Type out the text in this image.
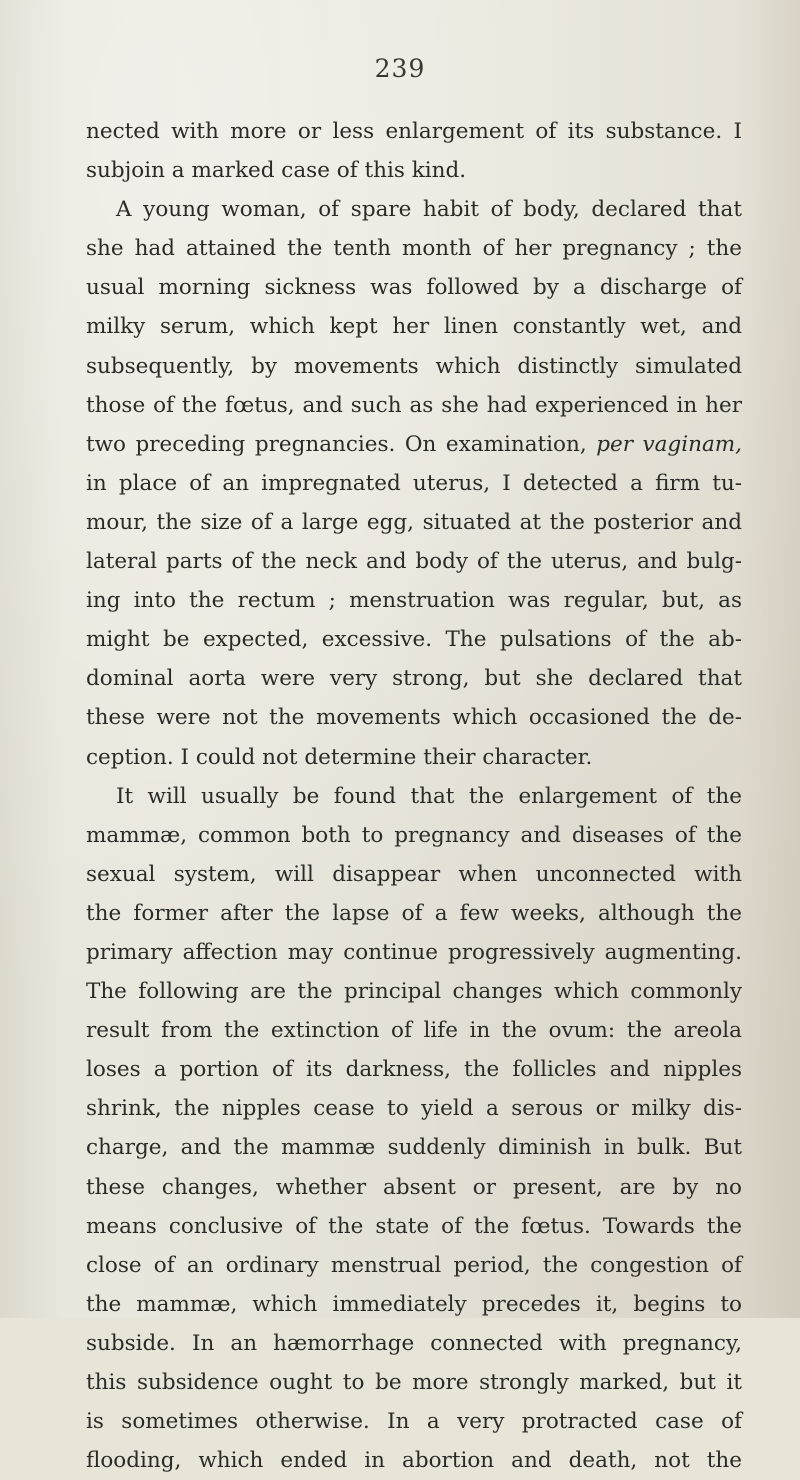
239
nected with more or less enlargement of its substance. I
subjoin a marked case of this kind.
A young woman, of spare habit of body, declared that
she had attained the tenth month of her pregnancy ; the
usual morning sickness was followed by a discharge of
milky serum, which kept her linen constantly wet, and
subsequently, by movements which distinctly simulated
those of the fœtus, and such as she had experienced in her
two preceding pregnancies. On examination, per vaginam,
in place of an impregnated uterus, I detected a firm tu-
mour, the size of a large egg, situated at the posterior and
lateral parts of the neck and body of the uterus, and bulg-
ing into the rectum ; menstruation was regular, but, as
might be expected, excessive. The pulsations of the ab-
dominal aorta were very strong, but she declared that
these were not the movements which occasioned the de-
ception. I could not determine their character.
It will usually be found that the enlargement of the
mammæ, common both to pregnancy and diseases of the
sexual system, will disappear when unconnected with
the former after the lapse of a few weeks, although the
primary affection may continue progressively augmenting.
The following are the principal changes which commonly
result from the extinction of life in the ovum: the areola
loses a portion of its darkness, the follicles and nipples
shrink, the nipples cease to yield a serous or milky dis-
charge, and the mammæ suddenly diminish in bulk. But
these changes, whether absent or present, are by no
means conclusive of the state of the fœtus. Towards the
close of an ordinary menstrual period, the congestion of
the mammæ, which immediately precedes it, begins to
subside. In an hæmorrhage connected with pregnancy,
this subsidence ought to be more strongly marked, but it
is sometimes otherwise. In a very protracted case of
flooding, which ended in abortion and death, not the
